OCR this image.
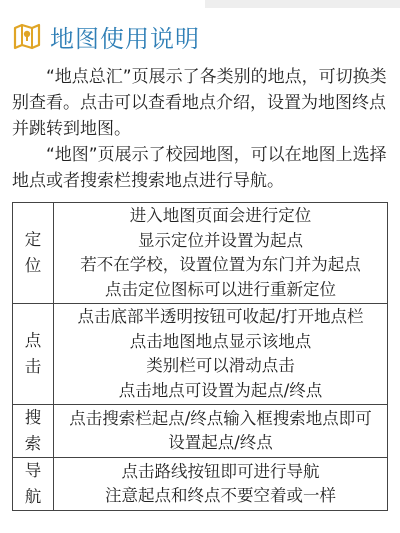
地图使用说明

“地点总汇”页展示了各类别的地点，可切换类别查看。点击可以查看地点介绍，设置为地图终点并跳转到地图。

“地图”页展示了校园地图，可以在地图上选择地点或者搜索栏搜索地点进行导航。

定位	进入地图页面会进行定位
显示定位并设置为起点
若不在学校，设置位置为东门并为起点
点击定位图标可以进行重新定位

点击	点击底部半透明按钮可收起/打开地点栏
点击地图地点显示该地点
类别栏可以滑动点击
点击地点可设置为起点/终点

搜索	点击搜索栏起点/终点输入框搜索地点即可
设置起点/终点

导航	点击路线按钮即可进行导航
注意起点和终点不要空着或一样
